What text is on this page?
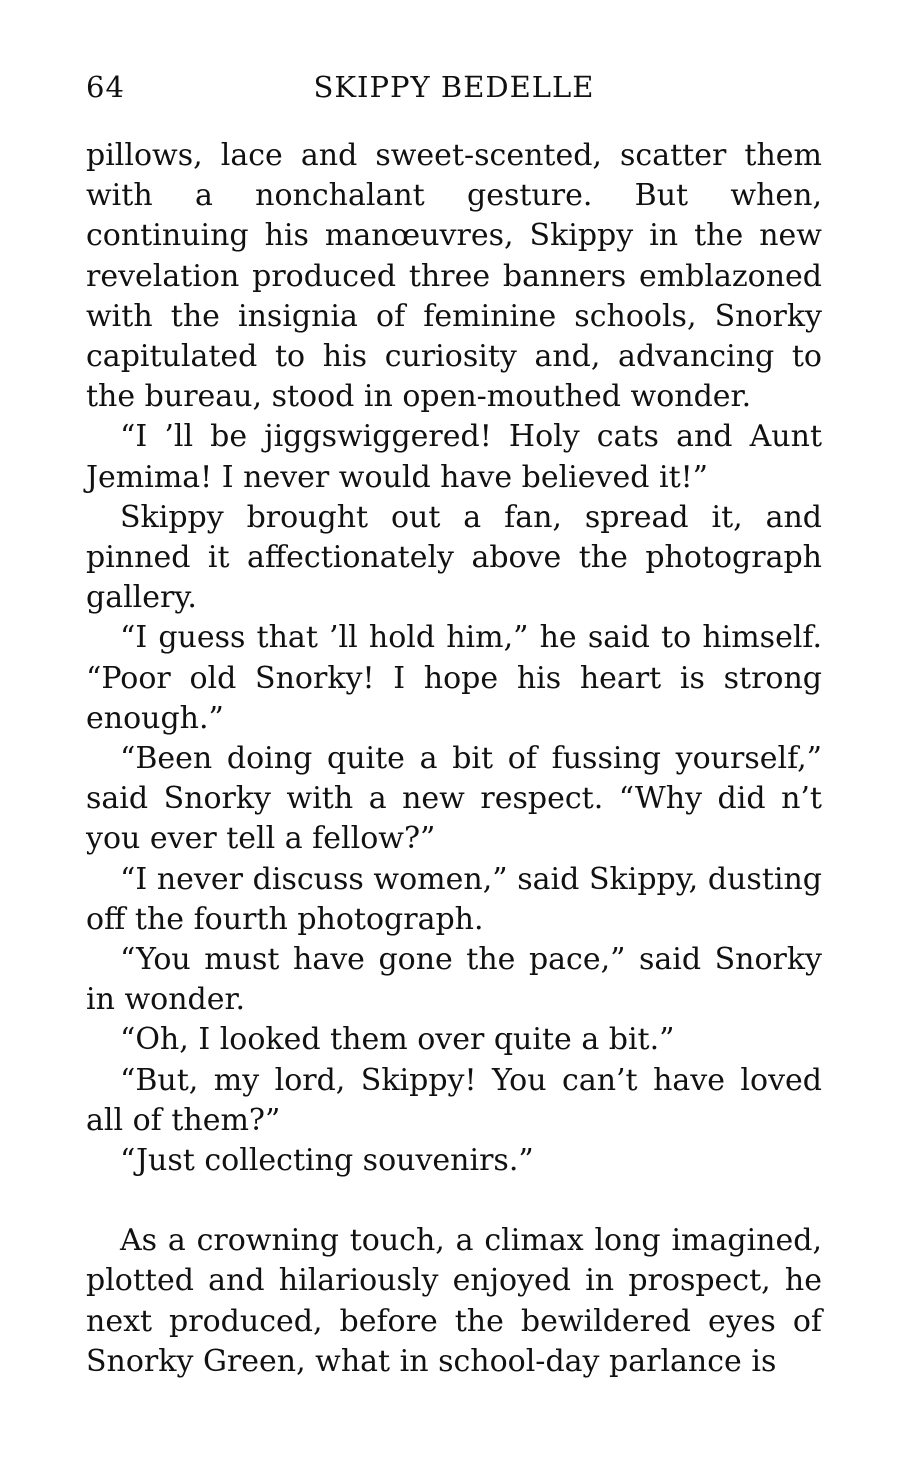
64	SKIPPY BEDELLE

pillows, lace and sweet-scented, scatter them with a nonchalant gesture. But when, continuing his manœuvres, Skippy in the new revelation produced three banners emblazoned with the insignia of feminine schools, Snorky capitulated to his curiosity and, advancing to the bureau, stood in open-mouthed wonder.

“I ’ll be jiggswiggered! Holy cats and Aunt Jemima! I never would have believed it!”

Skippy brought out a fan, spread it, and pinned it affectionately above the photograph gallery.

“I guess that ’ll hold him,” he said to himself. “Poor old Snorky! I hope his heart is strong enough.”

“Been doing quite a bit of fussing yourself,” said Snorky with a new respect. “Why did n’t you ever tell a fellow?”

“I never discuss women,” said Skippy, dusting off the fourth photograph.

“You must have gone the pace,” said Snorky in wonder.

“Oh, I looked them over quite a bit.”

“But, my lord, Skippy! You can’t have loved all of them?”

“Just collecting souvenirs.”

As a crowning touch, a climax long imagined, plotted and hilariously enjoyed in prospect, he next produced, before the bewildered eyes of Snorky Green, what in school-day parlance is
